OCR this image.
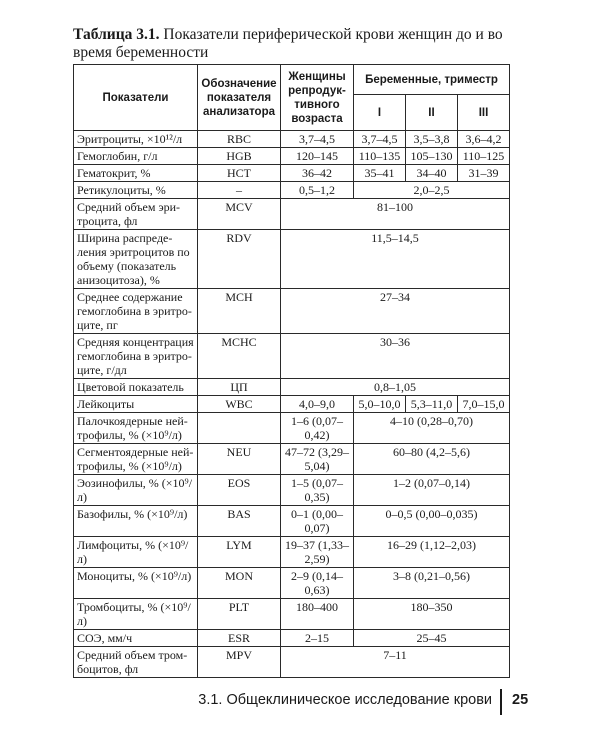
Таблица 3.1. Показатели периферической крови женщин до и во время беременности
Показатели	Обозначение показателя анализатора	Женщины репродук-тивного возраста	Беременные, триместр		
			I	II	III
Эритроциты, ×10¹²/л	RBC	3,7–4,5	3,7–4,5	3,5–3,8	3,6–4,2
Гемоглобин, г/л	HGB	120–145	110–135	105–130	110–125
Гематокрит, %	HCT	36–42	35–41	34–40	31–39
Ретикулоциты, %	–	0,5–1,2	2,0–2,5		
Средний объем эри-троцита, фл	MCV	81–100			
Ширина распреде-ления эритроцитов по объему (показатель анизоцитоза), %	RDV	11,5–14,5			
Среднее содержание гемоглобина в эритро-ците, пг	MCH	27–34			
Средняя концентрация гемоглобина в эритро-ците, г/дл	MCHC	30–36			
Цветовой показатель	ЦП	0,8–1,05			
Лейкоциты	WBC	4,0–9,0	5,0–10,0	5,3–11,0	7,0–15,0
Палочкоядерные ней-трофилы, % (×10⁹/л)		1–6 (0,07–0,42)	4–10 (0,28–0,70)		
Сегментоядерные ней-трофилы, % (×10⁹/л)	NEU	47–72 (3,29–5,04)	60–80 (4,2–5,6)		
Эозинофилы, % (×10⁹/л)	EOS	1–5 (0,07–0,35)	1–2 (0,07–0,14)		
Базофилы, % (×10⁹/л)	BAS	0–1 (0,00–0,07)	0–0,5 (0,00–0,035)		
Лимфоциты, % (×10⁹/л)	LYM	19–37 (1,33–2,59)	16–29 (1,12–2,03)		
Моноциты, % (×10⁹/л)	MON	2–9 (0,14–0,63)	3–8 (0,21–0,56)		
Тромбоциты, % (×10⁹/л)	PLT	180–400	180–350		
СОЭ, мм/ч	ESR	2–15	25–45		
Средний объем тром-боцитов, фл	MPV	7–11			
3.1. Общеклиническое исследование крови 25
